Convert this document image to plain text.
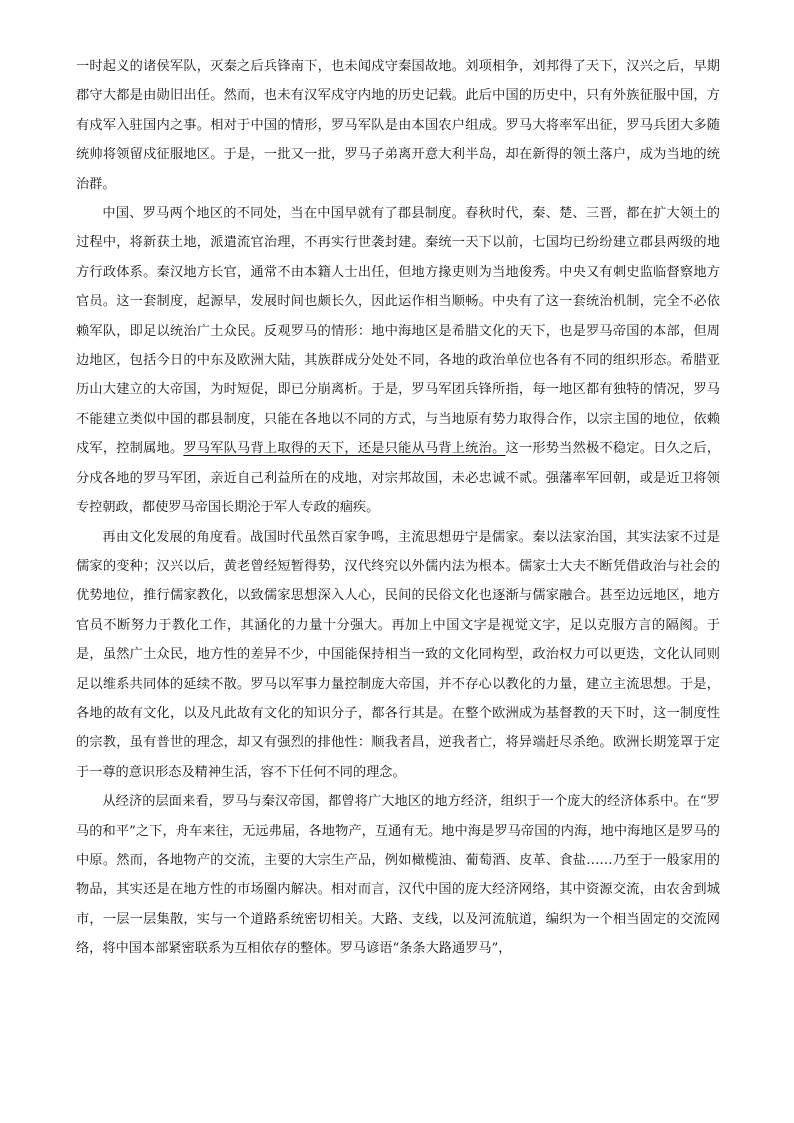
一时起义的诸侯军队，灭秦之后兵锋南下，也未闻戍守秦国故地。刘项相争，刘邦得了天下，汉兴之后，早期郡守大都是由勋旧出任。然而，也未有汉军戍守内地的历史记载。此后中国的历史中，只有外族征服中国，方有戍军入驻国内之事。相对于中国的情形，罗马军队是由本国农户组成。罗马大将率军出征，罗马兵团大多随统帅将领留戍征服地区。于是，一批又一批，罗马子弟离开意大利半岛，却在新得的领土落户，成为当地的统治群。

中国、罗马两个地区的不同处，当在中国早就有了郡县制度。春秋时代，秦、楚、三晋，都在扩大领土的过程中，将新获土地，派遣流官治理，不再实行世袭封建。秦统一天下以前，七国均已纷纷建立郡县两级的地方行政体系。秦汉地方长官，通常不由本籍人士出任，但地方掾吏则为当地俊秀。中央又有刺史监临督察地方官员。这一套制度，起源早，发展时间也颇长久，因此运作相当顺畅。中央有了这一套统治机制，完全不必依赖军队，即足以统治广土众民。反观罗马的情形：地中海地区是希腊文化的天下，也是罗马帝国的本部，但周边地区，包括今日的中东及欧洲大陆，其族群成分处处不同，各地的政治单位也各有不同的组织形态。希腊亚历山大建立的大帝国，为时短促，即已分崩离析。于是，罗马军团兵锋所指，每一地区都有独特的情况，罗马不能建立类似中国的郡县制度，只能在各地以不同的方式，与当地原有势力取得合作，以宗主国的地位，依赖戍军，控制属地。罗马军队马背上取得的天下，还是只能从马背上统治。这一形势当然极不稳定。日久之后，分戍各地的罗马军团，亲近自己利益所在的戍地，对宗邦故国，未必忠诚不贰。强藩率军回朝，或是近卫将领专控朝政，都使罗马帝国长期沦于军人专政的痼疾。

再由文化发展的角度看。战国时代虽然百家争鸣，主流思想毋宁是儒家。秦以法家治国，其实法家不过是儒家的变种；汉兴以后，黄老曾经短暂得势，汉代终究以外儒内法为根本。儒家士大夫不断凭借政治与社会的优势地位，推行儒家教化，以致儒家思想深入人心，民间的民俗文化也逐渐与儒家融合。甚至边远地区，地方官员不断努力于教化工作，其涵化的力量十分强大。再加上中国文字是视觉文字，足以克服方言的隔阂。于是，虽然广土众民，地方性的差异不少，中国能保持相当一致的文化同构型，政治权力可以更迭，文化认同则足以维系共同体的延续不散。罗马以军事力量控制庞大帝国，并不存心以教化的力量，建立主流思想。于是，各地的故有文化，以及凡此故有文化的知识分子，都各行其是。在整个欧洲成为基督教的天下时，这一制度性的宗教，虽有普世的理念，却又有强烈的排他性：顺我者昌，逆我者亡，将异端赶尽杀绝。欧洲长期笼罩于定于一尊的意识形态及精神生活，容不下任何不同的理念。

从经济的层面来看，罗马与秦汉帝国，都曾将广大地区的地方经济，组织于一个庞大的经济体系中。在“罗马的和平”之下，舟车来往，无远弗届，各地物产，互通有无。地中海是罗马帝国的内海，地中海地区是罗马的中原。然而，各地物产的交流，主要的大宗生产品，例如橄榄油、葡萄酒、皮革、食盐……乃至于一般家用的物品，其实还是在地方性的市场圈内解决。相对而言，汉代中国的庞大经济网络，其中资源交流，由农舍到城市，一层一层集散，实与一个道路系统密切相关。大路、支线，以及河流航道，编织为一个相当固定的交流网络，将中国本部紧密联系为互相依存的整体。罗马谚语“条条大路通罗马”，
